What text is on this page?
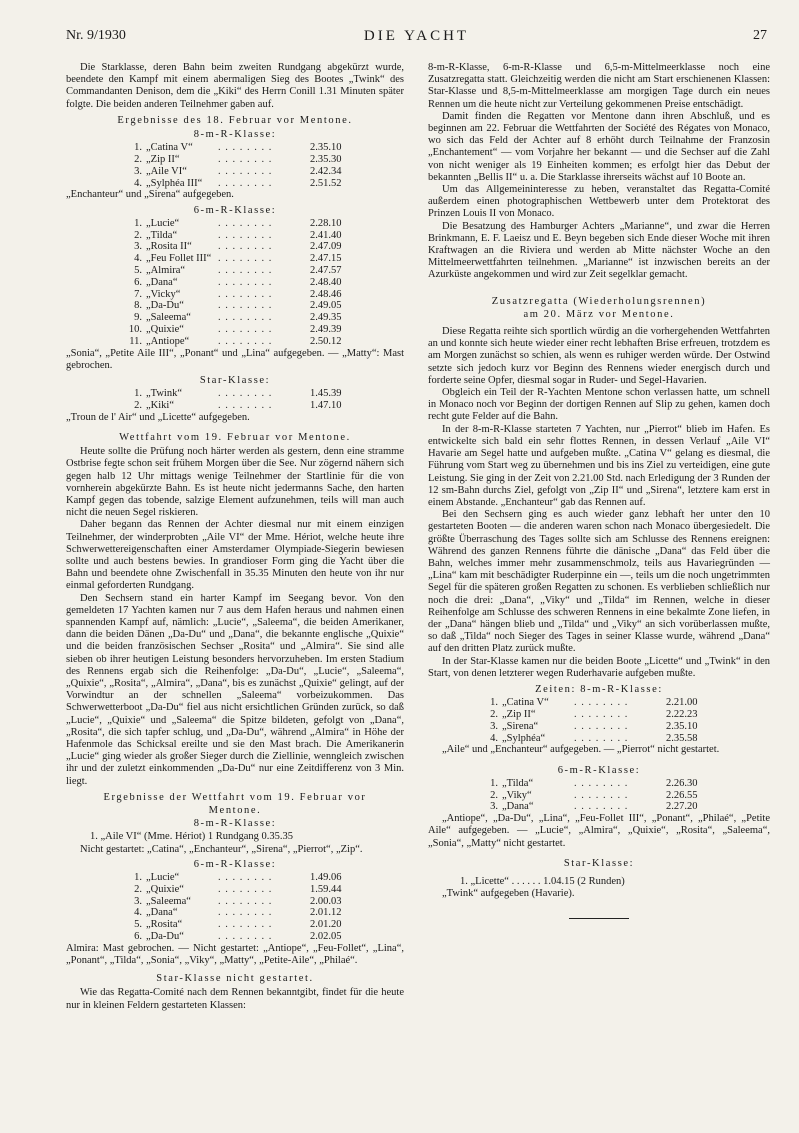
Nr. 9/1930	DIE YACHT	27

Die Starklasse, deren Bahn beim zweiten Rundgang abgekürzt wurde, beendete den Kampf mit einem abermaligen Sieg des Bootes „Twink“ des Commandanten Denison, dem die „Kiki“ des Herrn Conill 1.31 Minuten später folgte. Die beiden anderen Teilnehmer gaben auf.

Ergebnisse des 18. Februar vor Mentone.
8-m-R-Klasse:
1.	„Catina V“	. . . . . . . .	2.35.10
2.	„Zip II“	. . . . . . . .	2.35.30
3.	„Aile VI“	. . . . . . . .	2.42.34
4.	„Sylphéa III“	. . . . . . . .	2.51.52

„Enchanteur“ und „Sirena“ aufgegeben.

6-m-R-Klasse:
1.	„Lucie“	. . . . . . . .	2.28.10
2.	„Tilda“	. . . . . . . .	2.41.40
3.	„Rosita II“	. . . . . . . .	2.47.09
4.	„Feu Follet III“	. . . . . . . .	2.47.15
5.	„Almira“	. . . . . . . .	2.47.57
6.	„Dana“	. . . . . . . .	2.48.40
7.	„Vicky“	. . . . . . . .	2.48.46
8.	„Da-Du“	. . . . . . . .	2.49.05
9.	„Saleema“	. . . . . . . .	2.49.35
10.	„Quixie“	. . . . . . . .	2.49.39
11.	„Antiope“	. . . . . . . .	2.50.12

„Sonia“, „Petite Aile III“, „Ponant“ und „Lina“ aufgegeben. — „Matty“: Mast gebrochen.

Star-Klasse:
1.	„Twink“	. . . . . . . .	1.45.39
2.	„Kiki“	. . . . . . . .	1.47.10

„Troun de l' Air“ und „Licette“ aufgegeben.

Wettfahrt vom 19. Februar vor Mentone.

Heute sollte die Prüfung noch härter werden als gestern, denn eine stramme Ostbrise fegte schon seit frühem Morgen über die See. Nur zögernd nähern sich gegen halb 12 Uhr mittags wenige Teilnehmer der Startlinie für die von vornherein abgekürzte Bahn. Es ist heute nicht jedermanns Sache, den harten Kampf gegen das tobende, salzige Element aufzunehmen, teils will man auch nicht die neuen Segel riskieren.

Daher begann das Rennen der Achter diesmal nur mit einem einzigen Teilnehmer, der winderprobten „Aile VI“ der Mme. Hériot, welche heute ihre Schwerwettereigenschaften einer Amsterdamer Olympiade-Siegerin bewiesen sollte und auch bestens bewies. In grandioser Form ging die Yacht über die Bahn und beendete ohne Zwischenfall in 35.35 Minuten den heute von ihr nur einmal geforderten Rundgang.

Den Sechsern stand ein harter Kampf im Seegang bevor. Von den gemeldeten 17 Yachten kamen nur 7 aus dem Hafen heraus und nahmen einen spannenden Kampf auf, nämlich: „Lucie“, „Saleema“, die beiden Amerikaner, dann die beiden Dänen „Da-Du“ und „Dana“, die bekannte englische „Quixie“ und die beiden französischen Sechser „Rosita“ und „Almira“. Sie sind alle sieben ob ihrer heutigen Leistung besonders hervorzuheben. Im ersten Stadium des Rennens ergab sich die Reihenfolge: „Da-Du“, „Lucie“, „Saleema“, „Quixie“, „Rosita“, „Almira“, „Dana“, bis es zunächst „Quixie“ gelingt, auf der Vorwindtur an der schnellen „Saleema“ vorbeizukommen. Das Schwerwetterboot „Da-Du“ fiel aus nicht ersichtlichen Gründen zurück, so daß „Lucie“, „Quixie“ und „Saleema“ die Spitze bildeten, gefolgt von „Dana“, „Rosita“, die sich tapfer schlug, und „Da-Du“, während „Almira“ in Höhe der Hafenmole das Schicksal ereilte und sie den Mast brach. Die Amerikanerin „Lucie“ ging wieder als großer Sieger durch die Ziellinie, wenngleich zwischen ihr und der zuletzt einkommenden „Da-Du“ nur eine Zeitdifferenz von 3 Min. liegt.

Ergebnisse der Wettfahrt vom 19. Februar vor
Mentone.
8-m-R-Klasse:

1. „Aile VI“ (Mme. Hériot) 1 Rundgang 0.35.35

Nicht gestartet: „Catina“, „Enchanteur“, „Sirena“, „Pierrot“, „Zip“.

6-m-R-Klasse:
1.	„Lucie“	. . . . . . . .	1.49.06
2.	„Quixie“	. . . . . . . .	1.59.44
3.	„Saleema“	. . . . . . . .	2.00.03
4.	„Dana“	. . . . . . . .	2.01.12
5.	„Rosita“	. . . . . . . .	2.01.20
6.	„Da-Du“	. . . . . . . .	2.02.05

Almira: Mast gebrochen. — Nicht gestartet: „Antiope“, „Feu-Follet“, „Lina“, „Ponant“, „Tilda“, „Sonia“, „Viky“, „Matty“, „Petite-Aile“, „Philaé“.

Star-Klasse nicht gestartet.

Wie das Regatta-Comité nach dem Rennen bekanntgibt, findet für die heute nur in kleinen Feldern gestarteten Klassen:

8-m-R-Klasse, 6-m-R-Klasse und 6,5-m-Mittelmeerklasse noch eine Zusatzregatta statt. Gleichzeitig werden die nicht am Start erschienenen Klassen: Star-Klasse und 8,5-m-Mittelmeerklasse am morgigen Tage durch ein neues Rennen um die heute nicht zur Verteilung gekommenen Preise entschädigt.

Damit finden die Regatten vor Mentone dann ihren Abschluß, und es beginnen am 22. Februar die Wettfahrten der Société des Régates von Monaco, wo sich das Feld der Achter auf 8 erhöht durch Teilnahme der Franzosin „Enchantement“ — vom Vorjahre her bekannt — und die Sechser auf die Zahl von nicht weniger als 19 Einheiten kommen; es erfolgt hier das Debut der bekannten „Bellis II“ u. a. Die Starklasse ihrerseits wächst auf 10 Boote an.

Um das Allgemeininteresse zu heben, veranstaltet das Regatta-Comité außerdem einen photographischen Wettbewerb unter dem Protektorat des Prinzen Louis II von Monaco.

Die Besatzung des Hamburger Achters „Marianne“, und zwar die Herren Brinkmann, E. F. Laeisz und E. Beyn begeben sich Ende dieser Woche mit ihren Kraftwagen an die Riviera und werden ab Mitte nächster Woche an den Mittelmeerwettfahrten teilnehmen. „Marianne“ ist inzwischen bereits an der Azurküste angekommen und wird zur Zeit segelklar gemacht.

Zusatzregatta (Wiederholungsrennen)
am 20. März vor Mentone.

Diese Regatta reihte sich sportlich würdig an die vorhergehenden Wettfahrten an und konnte sich heute wieder einer recht lebhaften Brise erfreuen, trotzdem es am Morgen zunächst so schien, als wenn es ruhiger werden würde. Der Ostwind setzte sich jedoch kurz vor Beginn des Rennens wieder energisch durch und forderte seine Opfer, diesmal sogar in Ruder- und Segel-Havarien.

Obgleich ein Teil der R-Yachten Mentone schon verlassen hatte, um schnell in Monaco noch vor Beginn der dortigen Rennen auf Slip zu gehen, kamen doch recht gute Felder auf die Bahn.

In der 8-m-R-Klasse starteten 7 Yachten, nur „Pierrot“ blieb im Hafen. Es entwickelte sich bald ein sehr flottes Rennen, in dessen Verlauf „Aile VI“ Havarie am Segel hatte und aufgeben mußte. „Catina V“ gelang es diesmal, die Führung vom Start weg zu übernehmen und bis ins Ziel zu verteidigen, eine gute Leistung. Sie ging in der Zeit von 2.21.00 Std. nach Erledigung der 3 Runden der 12 sm-Bahn durchs Ziel, gefolgt von „Zip II“ und „Sirena“, letztere kam erst in einem Abstande. „Enchanteur“ gab das Rennen auf.

Bei den Sechsern ging es auch wieder ganz lebhaft her unter den 10 gestarteten Booten — die anderen waren schon nach Monaco übergesiedelt. Die größte Überraschung des Tages sollte sich am Schlusse des Rennens ereignen: Während des ganzen Rennens führte die dänische „Dana“ das Feld über die Bahn, welches immer mehr zusammenschmolz, teils aus Havariegründen — „Lina“ kam mit beschädigter Ruderpinne ein —, teils um die noch ungetrimmten Segel für die späteren großen Regatten zu schonen. Es verblieben schließlich nur noch die drei: „Dana“, „Viky“ und „Tilda“ im Rennen, welche in dieser Reihenfolge am Schlusse des schweren Rennens in eine bekalmte Zone liefen, in der „Dana“ hängen blieb und „Tilda“ und „Viky“ an sich vorüberlassen mußte, so daß „Tilda“ noch Sieger des Tages in seiner Klasse wurde, während „Dana“ auf den dritten Platz zurück mußte.

In der Star-Klasse kamen nur die beiden Boote „Licette“ und „Twink“ in den Start, von denen letzterer wegen Ruderhavarie aufgeben mußte.

Zeiten: 8-m-R-Klasse:
1.	„Catina V“	. . . . . . . .	2.21.00
2.	„Zip II“	. . . . . . . .	2.22.23
3.	„Sirena“	. . . . . . . .	2.35.10
4.	„Sylphéa“	. . . . . . . .	2.35.58

„Aile“ und „Enchanteur“ aufgegeben. — „Pierrot“ nicht gestartet.

6-m-R-Klasse:
1.	„Tilda“	. . . . . . . .	2.26.30
2.	„Viky“	. . . . . . . .	2.26.55
3.	„Dana“	. . . . . . . .	2.27.20

„Antiope“, „Da-Du“, „Lina“, „Feu-Follet III“, „Ponant“, „Philaé“, „Petite Aile“ aufgegeben. — „Lucie“, „Almira“, „Quixie“, „Rosita“, „Saleema“, „Sonia“, „Matty“ nicht gestartet.

Star-Klasse:

1. „Licette“ . . . . . . 1.04.15 (2 Runden)

„Twink“ aufgegeben (Havarie).
